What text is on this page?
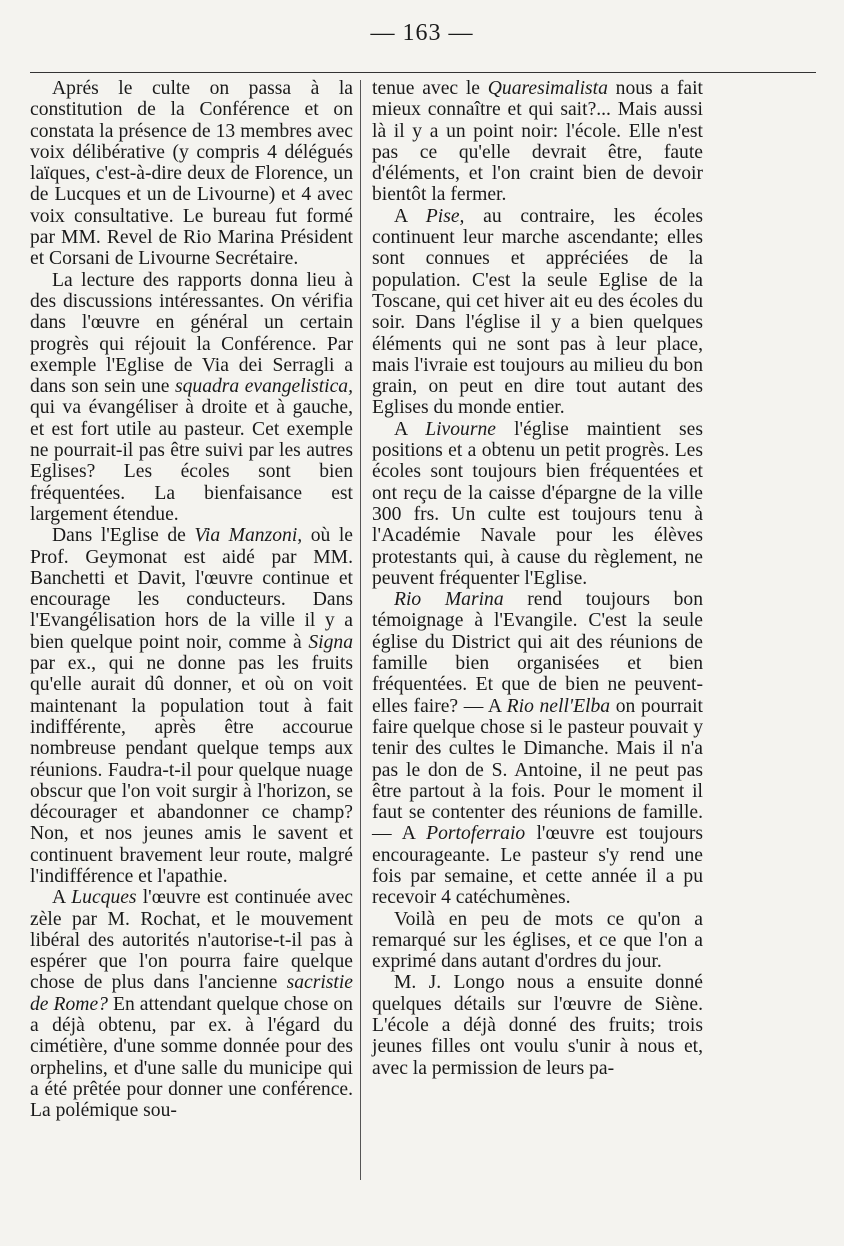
— 163 —

Aprés le culte on passa à la constitution de la Conférence et on constata la présence de 13 membres avec voix délibérative (y compris 4 délégués laïques, c'est-à-dire deux de Florence, un de Lucques et un de Livourne) et 4 avec voix consultative. Le bureau fut formé par MM. Revel de Rio Marina Président et Corsani de Livourne Secrétaire.

La lecture des rapports donna lieu à des discussions intéressantes. On vérifia dans l'œuvre en général un certain progrès qui réjouit la Conférence. Par exemple l'Eglise de Via dei Serragli a dans son sein une squadra evangelistica, qui va évangéliser à droite et à gauche, et est fort utile au pasteur. Cet exemple ne pourrait-il pas être suivi par les autres Eglises? Les écoles sont bien fréquentées. La bienfaisance est largement étendue.

Dans l'Eglise de Via Manzoni, où le Prof. Geymonat est aidé par MM. Banchetti et Davit, l'œuvre continue et encourage les conducteurs. Dans l'Evangélisation hors de la ville il y a bien quelque point noir, comme à Signa par ex., qui ne donne pas les fruits qu'elle aurait dû donner, et où on voit maintenant la population tout à fait indifférente, après être accourue nombreuse pendant quelque temps aux réunions. Faudra-t-il pour quelque nuage obscur que l'on voit surgir à l'horizon, se décourager et abandonner ce champ? Non, et nos jeunes amis le savent et continuent bravement leur route, malgré l'indifférence et l'apathie.

A Lucques l'œuvre est continuée avec zèle par M. Rochat, et le mouvement libéral des autorités n'autorise-t-il pas à espérer que l'on pourra faire quelque chose de plus dans l'ancienne sacristie de Rome? En attendant quelque chose on a déjà obtenu, par ex. à l'égard du cimétière, d'une somme donnée pour des orphelins, et d'une salle du municipe qui a été prêtée pour donner une conférence. La polémique sou-

tenue avec le Quaresimalista nous a fait mieux connaître et qui sait?... Mais aussi là il y a un point noir: l'école. Elle n'est pas ce qu'elle devrait être, faute d'éléments, et l'on craint bien de devoir bientôt la fermer.

A Pise, au contraire, les écoles continuent leur marche ascendante; elles sont connues et appréciées de la population. C'est la seule Eglise de la Toscane, qui cet hiver ait eu des écoles du soir. Dans l'église il y a bien quelques éléments qui ne sont pas à leur place, mais l'ivraie est toujours au milieu du bon grain, on peut en dire tout autant des Eglises du monde entier.

A Livourne l'église maintient ses positions et a obtenu un petit progrès. Les écoles sont toujours bien fréquentées et ont reçu de la caisse d'épargne de la ville 300 frs. Un culte est toujours tenu à l'Académie Navale pour les élèves protestants qui, à cause du règlement, ne peuvent fréquenter l'Eglise.

Rio Marina rend toujours bon témoignage à l'Evangile. C'est la seule église du District qui ait des réunions de famille bien organisées et bien fréquentées. Et que de bien ne peuvent-elles faire? — A Rio nell'Elba on pourrait faire quelque chose si le pasteur pouvait y tenir des cultes le Dimanche. Mais il n'a pas le don de S. Antoine, il ne peut pas être partout à la fois. Pour le moment il faut se contenter des réunions de famille. — A Portoferraio l'œuvre est toujours encourageante. Le pasteur s'y rend une fois par semaine, et cette année il a pu recevoir 4 catéchumènes.

Voilà en peu de mots ce qu'on a remarqué sur les églises, et ce que l'on a exprimé dans autant d'ordres du jour.

M. J. Longo nous a ensuite donné quelques détails sur l'œuvre de Siène. L'école a déjà donné des fruits; trois jeunes filles ont voulu s'unir à nous et, avec la permission de leurs pa-
